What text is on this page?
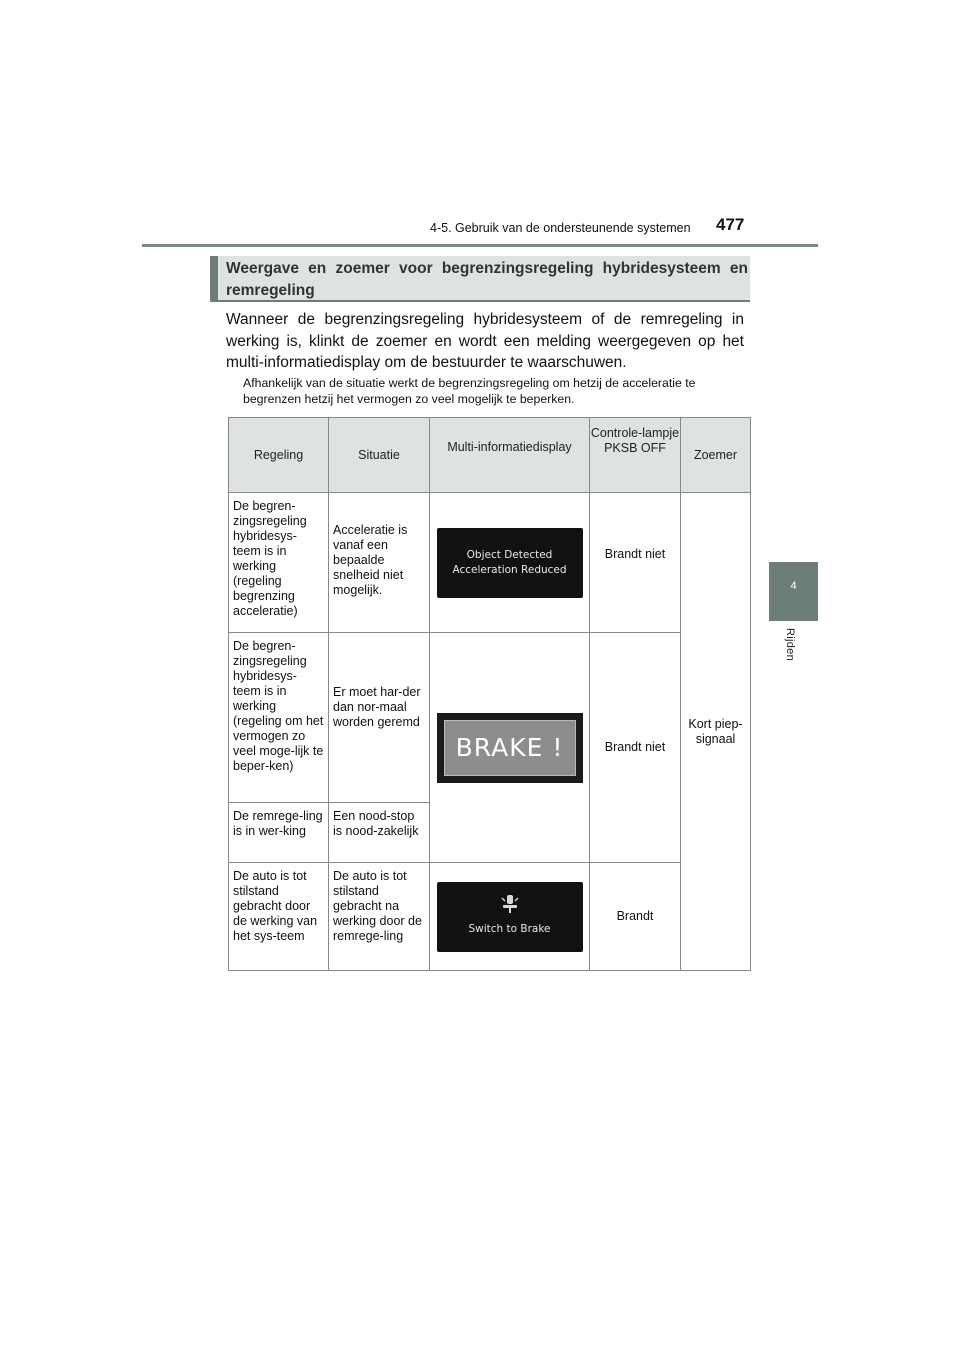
4-5. Gebruik van de ondersteunende systemen 477
4
Rijden
Weergave en zoemer voor begrenzingsregeling hybridesysteem en remregeling
Wanneer de begrenzingsregeling hybridesysteem of de remregeling in werking is, klinkt de zoemer en wordt een melding weergegeven op het multi-informatiedisplay om de bestuurder te waarschuwen.
Afhankelijk van de situatie werkt de begrenzingsregeling om hetzij de acceleratie te begrenzen hetzij het vermogen zo veel mogelijk te beperken.
Regeling	Situatie	Multi-informatiedisplay	Controle-lampje PKSB OFF	Zoemer

De begren-zingsregeling hybridesys-teem is in werking (regeling begrenzing acceleratie)	Acceleratie is vanaf een bepaalde snelheid niet mogelijk.	Object Detected
Acceleration Reduced	Brandt niet	Kort piep-signaal

De begren-zingsregeling hybridesys-teem is in werking (regeling om het vermogen zo veel moge-lijk te beper-ken)	Er moet har-der dan nor-maal worden geremd	BRAKE !	Brandt niet	

De remrege-ling is in wer-king	Een nood-stop is nood-zakelijk			

De auto is tot stilstand gebracht door de werking van het sys-teem	De auto is tot stilstand gebracht na werking door de remrege-ling	Switch to Brake	Brandt	
